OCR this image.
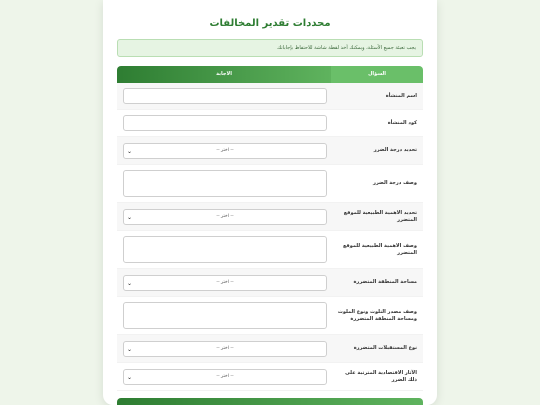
محددات تقدير المخالفات
يجب تعبئة جميع الأسئلة، ويمكنك أخذ لقطة شاشة للاحتفاظ بإجاباتك
السؤال
الاجابة
اسم المنشأة
كود المنشأة
تحديد درجة الضرر
-- اختر --
⌄
وصف درجة الضرر
تحديد الاهمية الطبيعية للموقع المتضرر
-- اختر --
⌄
وصف الاهمية الطبيعية للموقع المتضرر
مساحة المنطقة المتضررة
-- اختر --
⌄
وصف مصدر التلوث ونوع الملوث ومساحة المنطقة المتضررة
نوع المستقبلات المتضررة
-- اختر --
⌄
الآثار الاقتصادية المترتبة على ذلك الضرر
-- اختر --
⌄
